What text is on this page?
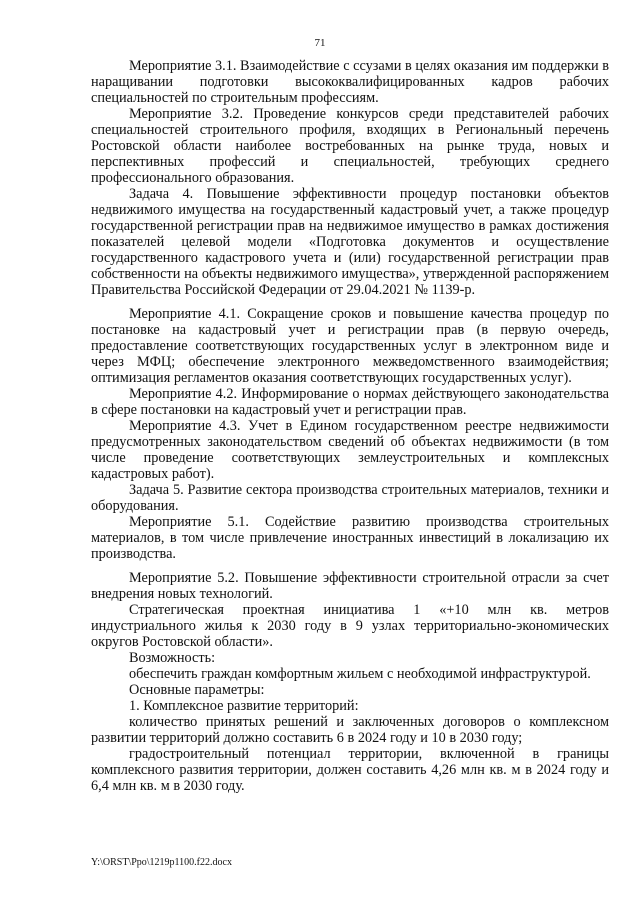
71

Мероприятие 3.1. Взаимодействие с ссузами в целях оказания им поддержки в наращивании подготовки высококвалифицированных кадров рабочих специальностей по строительным профессиям.

Мероприятие 3.2. Проведение конкурсов среди представителей рабочих специальностей строительного профиля, входящих в Региональный перечень Ростовской области наиболее востребованных на рынке труда, новых и перспективных профессий и специальностей, требующих среднего профессионального образования.

Задача 4. Повышение эффективности процедур постановки объектов недвижимого имущества на государственный кадастровый учет, а также процедур государственной регистрации прав на недвижимое имущество в рамках достижения показателей целевой модели «Подготовка документов и осуществление государственного кадастрового учета и (или) государственной регистрации прав собственности на объекты недвижимого имущества», утвержденной распоряжением Правительства Российской Федерации от 29.04.2021 № 1139-р.

Мероприятие 4.1. Сокращение сроков и повышение качества процедур по постановке на кадастровый учет и регистрации прав (в первую очередь, предоставление соответствующих государственных услуг в электронном виде и через МФЦ; обеспечение электронного межведомственного взаимодействия; оптимизация регламентов оказания соответствующих государственных услуг).

Мероприятие 4.2. Информирование о нормах действующего законодательства в сфере постановки на кадастровый учет и регистрации прав.

Мероприятие 4.3. Учет в Едином государственном реестре недвижимости предусмотренных законодательством сведений об объектах недвижимости (в том числе проведение соответствующих землеустроительных и комплексных кадастровых работ).

Задача 5. Развитие сектора производства строительных материалов, техники и оборудования.

Мероприятие 5.1. Содействие развитию производства строительных материалов, в том числе привлечение иностранных инвестиций в локализацию их производства.

Мероприятие 5.2. Повышение эффективности строительной отрасли за счет внедрения новых технологий.

Стратегическая проектная инициатива 1 «+10 млн кв. метров индустриального жилья к 2030 году в 9 узлах территориально-экономических округов Ростовской области».

Возможность:

обеспечить граждан комфортным жильем с необходимой инфраструктурой.

Основные параметры:

1. Комплексное развитие территорий:

количество принятых решений и заключенных договоров о комплексном развитии территорий должно составить 6 в 2024 году и 10 в 2030 году;

градостроительный потенциал территории, включенной в границы комплексного развития территории, должен составить 4,26 млн кв. м в 2024 году и 6,4 млн кв. м в 2030 году.

Y:\ORST\Ppo\1219p1100.f22.docx
